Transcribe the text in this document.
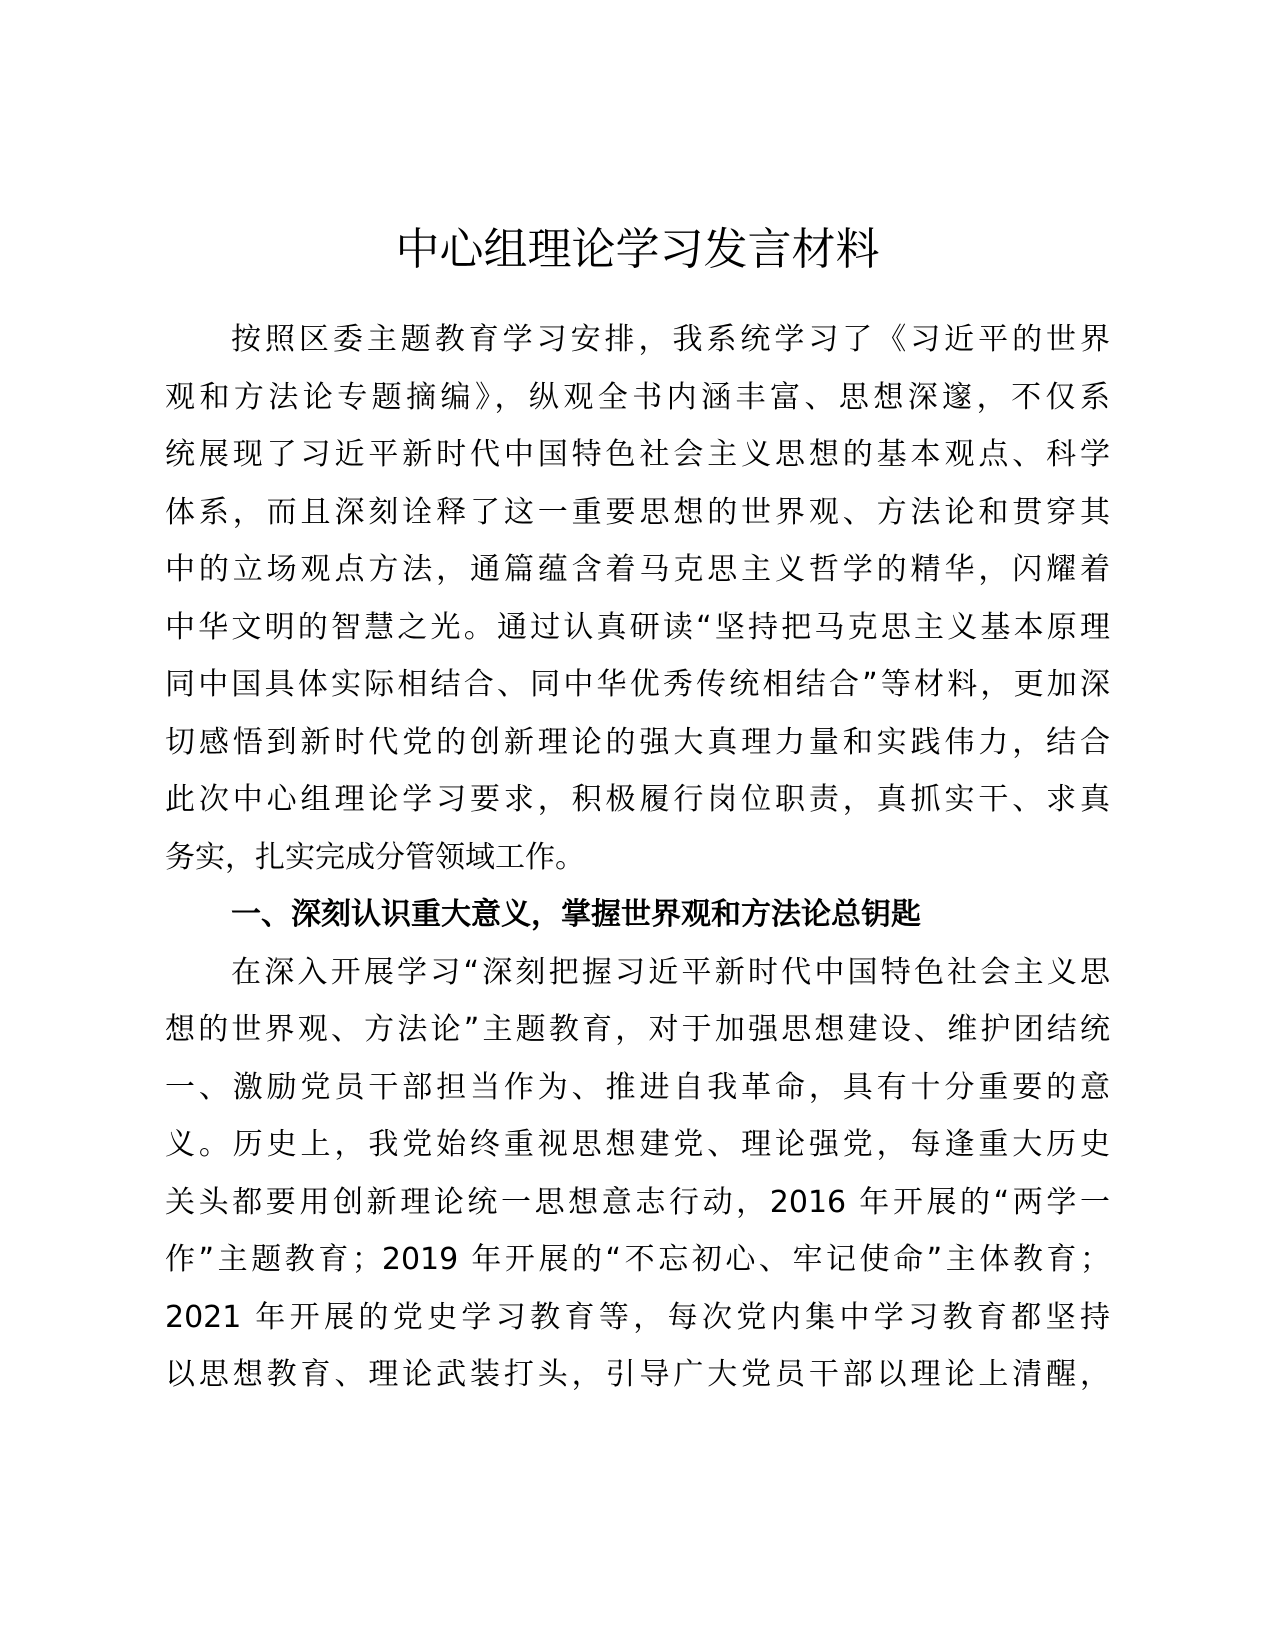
中心组理论学习发言材料
按照区委主题教育学习安排，我系统学习了《习近平的世界
观和方法论专题摘编》，纵观全书内涵丰富、思想深邃，不仅系
统展现了习近平新时代中国特色社会主义思想的基本观点、科学
体系，而且深刻诠释了这一重要思想的世界观、方法论和贯穿其
中的立场观点方法，通篇蕴含着马克思主义哲学的精华，闪耀着
中华文明的智慧之光。通过认真研读“坚持把马克思主义基本原理
同中国具体实际相结合、同中华优秀传统相结合”等材料，更加深
切感悟到新时代党的创新理论的强大真理力量和实践伟力，结合
此次中心组理论学习要求，积极履行岗位职责，真抓实干、求真
务实，扎实完成分管领域工作。
一、深刻认识重大意义，掌握世界观和方法论总钥匙
在深入开展学习“深刻把握习近平新时代中国特色社会主义思
想的世界观、方法论”主题教育，对于加强思想建设、维护团结统
一、激励党员干部担当作为、推进自我革命，具有十分重要的意
义。历史上，我党始终重视思想建党、理论强党，每逢重大历史
关头都要用创新理论统一思想意志行动，2016 年开展的“两学一
作”主题教育；2019 年开展的“不忘初心、牢记使命”主体教育；
2021 年开展的党史学习教育等，每次党内集中学习教育都坚持
以思想教育、理论武装打头，引导广大党员干部以理论上清醒，
